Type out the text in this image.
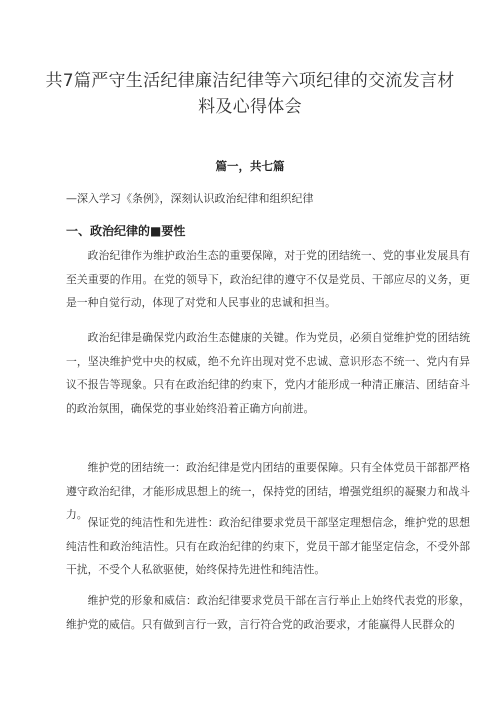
共7篇严守生活纪律廉洁纪律等六项纪律的交流发言材料及心得体会

篇一，共七篇

—深入学习《条例》，深刻认识政治纪律和组织纪律

一、政治纪律的■要性

政治纪律作为维护政治生态的重要保障，对于党的团结统一、党的事业发展具有至关重要的作用。在党的领导下，政治纪律的遵守不仅是党员、干部应尽的义务，更是一种自觉行动，体现了对党和人民事业的忠诚和担当。

政治纪律是确保党内政治生态健康的关键。作为党员，必须自觉维护党的团结统一，坚决维护党中央的权威，绝不允许出现对党不忠诚、意识形态不统一、党内有异议不报告等现象。只有在政治纪律的约束下，党内才能形成一种清正廉洁、团结奋斗的政治氛围，确保党的事业始终沿着正确方向前进。

维护党的团结统一：政治纪律是党内团结的重要保障。只有全体党员干部都严格遵守政治纪律，才能形成思想上的统一，保持党的团结，增强党组织的凝聚力和战斗力。

保证党的纯洁性和先进性：政治纪律要求党员干部坚定理想信念，维护党的思想纯洁性和政治纯洁性。只有在政治纪律的约束下，党员干部才能坚定信念，不受外部干扰，不受个人私欲驱使，始终保持先进性和纯洁性。

维护党的形象和威信：政治纪律要求党员干部在言行举止上始终代表党的形象，维护党的威信。只有做到言行一致，言行符合党的政治要求，才能赢得人民群众的
